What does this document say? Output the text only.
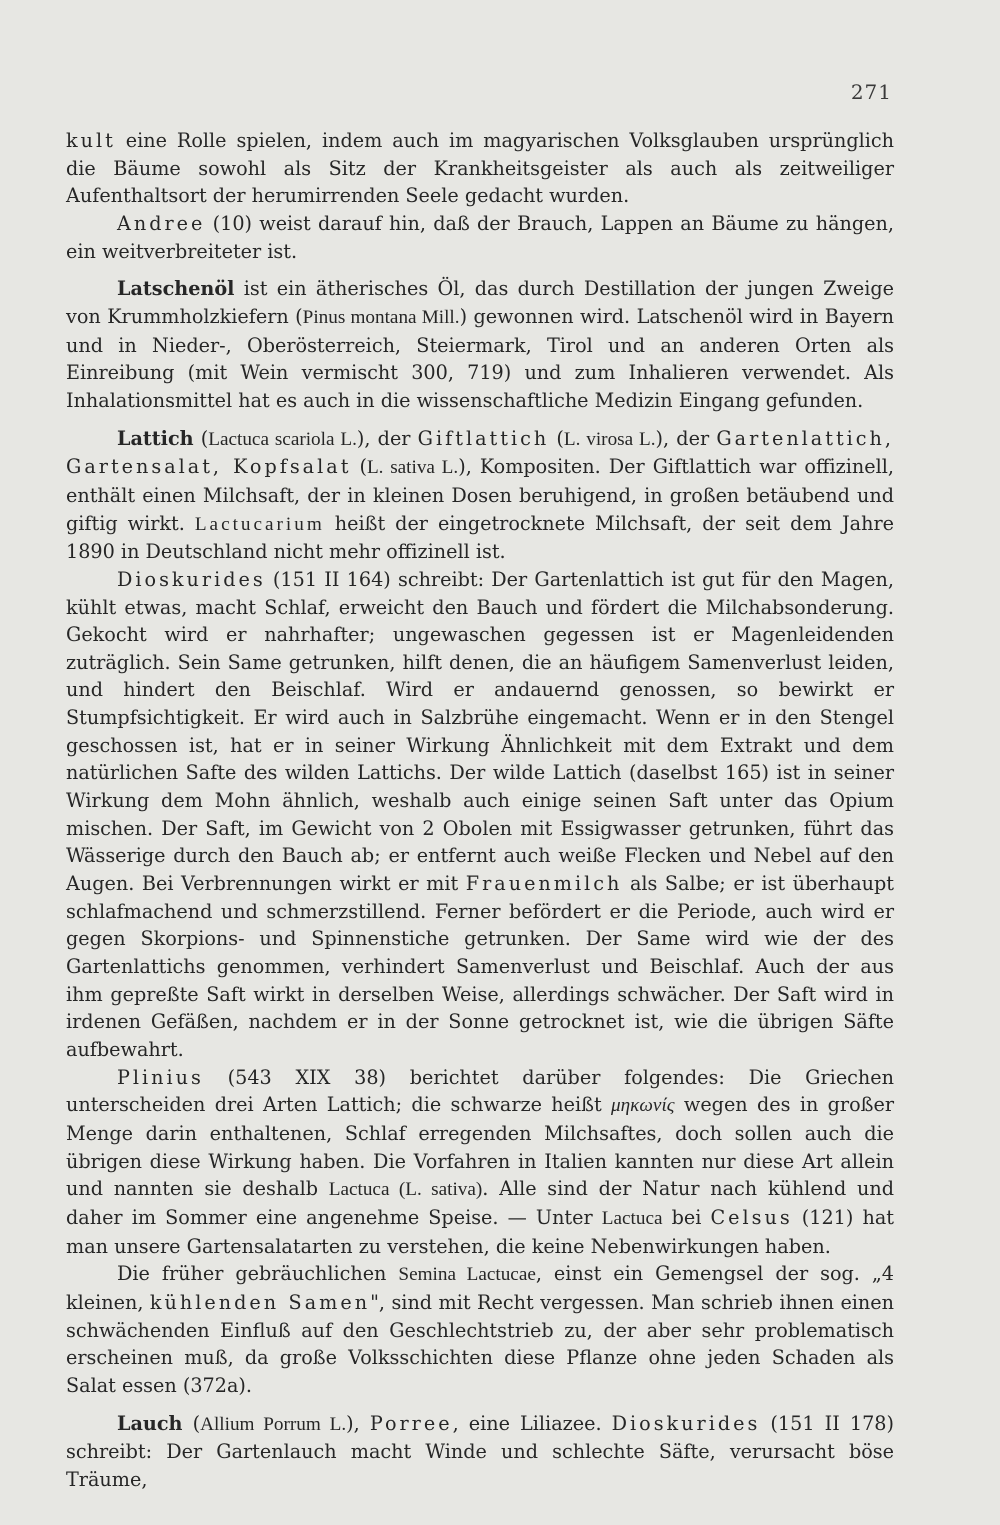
271

kult eine Rolle spielen, indem auch im magyarischen Volksglauben ursprünglich die Bäume sowohl als Sitz der Krankheitsgeister als auch als zeitweiliger Aufenthaltsort der herumirrenden Seele gedacht wurden.

Andree (10) weist darauf hin, daß der Brauch, Lappen an Bäume zu hängen, ein weitverbreiteter ist.

Latschenöl ist ein ätherisches Öl, das durch Destillation der jungen Zweige von Krummholzkiefern (Pinus montana Mill.) gewonnen wird. Latschenöl wird in Bayern und in Nieder-, Oberösterreich, Steiermark, Tirol und an anderen Orten als Einreibung (mit Wein vermischt 300, 719) und zum Inhalieren verwendet. Als Inhalationsmittel hat es auch in die wissenschaftliche Medizin Eingang gefunden.

Lattich (Lactuca scariola L.), der Giftlattich (L. virosa L.), der Gartenlattich, Gartensalat, Kopfsalat (L. sativa L.), Kompositen. Der Giftlattich war offizinell, enthält einen Milchsaft, der in kleinen Dosen beruhigend, in großen betäubend und giftig wirkt. Lactucarium heißt der eingetrocknete Milchsaft, der seit dem Jahre 1890 in Deutschland nicht mehr offizinell ist.

Dioskurides (151 II 164) schreibt: Der Gartenlattich ist gut für den Magen, kühlt etwas, macht Schlaf, erweicht den Bauch und fördert die Milchabsonderung. Gekocht wird er nahrhafter; ungewaschen gegessen ist er Magenleidenden zuträglich. Sein Same getrunken, hilft denen, die an häufigem Samenverlust leiden, und hindert den Beischlaf. Wird er andauernd genossen, so bewirkt er Stumpfsichtigkeit. Er wird auch in Salzbrühe eingemacht. Wenn er in den Stengel geschossen ist, hat er in seiner Wirkung Ähnlichkeit mit dem Extrakt und dem natürlichen Safte des wilden Lattichs. Der wilde Lattich (daselbst 165) ist in seiner Wirkung dem Mohn ähnlich, weshalb auch einige seinen Saft unter das Opium mischen. Der Saft, im Gewicht von 2 Obolen mit Essigwasser getrunken, führt das Wässerige durch den Bauch ab; er entfernt auch weiße Flecken und Nebel auf den Augen. Bei Verbrennungen wirkt er mit Frauenmilch als Salbe; er ist überhaupt schlafmachend und schmerzstillend. Ferner befördert er die Periode, auch wird er gegen Skorpions- und Spinnenstiche getrunken. Der Same wird wie der des Gartenlattichs genommen, verhindert Samenverlust und Beischlaf. Auch der aus ihm gepreßte Saft wirkt in derselben Weise, allerdings schwächer. Der Saft wird in irdenen Gefäßen, nachdem er in der Sonne getrocknet ist, wie die übrigen Säfte aufbewahrt.

Plinius (543 XIX 38) berichtet darüber folgendes: Die Griechen unterscheiden drei Arten Lattich; die schwarze heißt μηκωνίς wegen des in großer Menge darin enthaltenen, Schlaf erregenden Milchsaftes, doch sollen auch die übrigen diese Wirkung haben. Die Vorfahren in Italien kannten nur diese Art allein und nannten sie deshalb Lactuca (L. sativa). Alle sind der Natur nach kühlend und daher im Sommer eine angenehme Speise. — Unter Lactuca bei Celsus (121) hat man unsere Gartensalatarten zu verstehen, die keine Nebenwirkungen haben.

Die früher gebräuchlichen Semina Lactucae, einst ein Gemengsel der sog. „4 kleinen, kühlenden Samen", sind mit Recht vergessen. Man schrieb ihnen einen schwächenden Einfluß auf den Geschlechtstrieb zu, der aber sehr problematisch erscheinen muß, da große Volksschichten diese Pflanze ohne jeden Schaden als Salat essen (372a).

Lauch (Allium Porrum L.), Porree, eine Liliazee. Dioskurides (151 II 178) schreibt: Der Gartenlauch macht Winde und schlechte Säfte, verursacht böse Träume,
